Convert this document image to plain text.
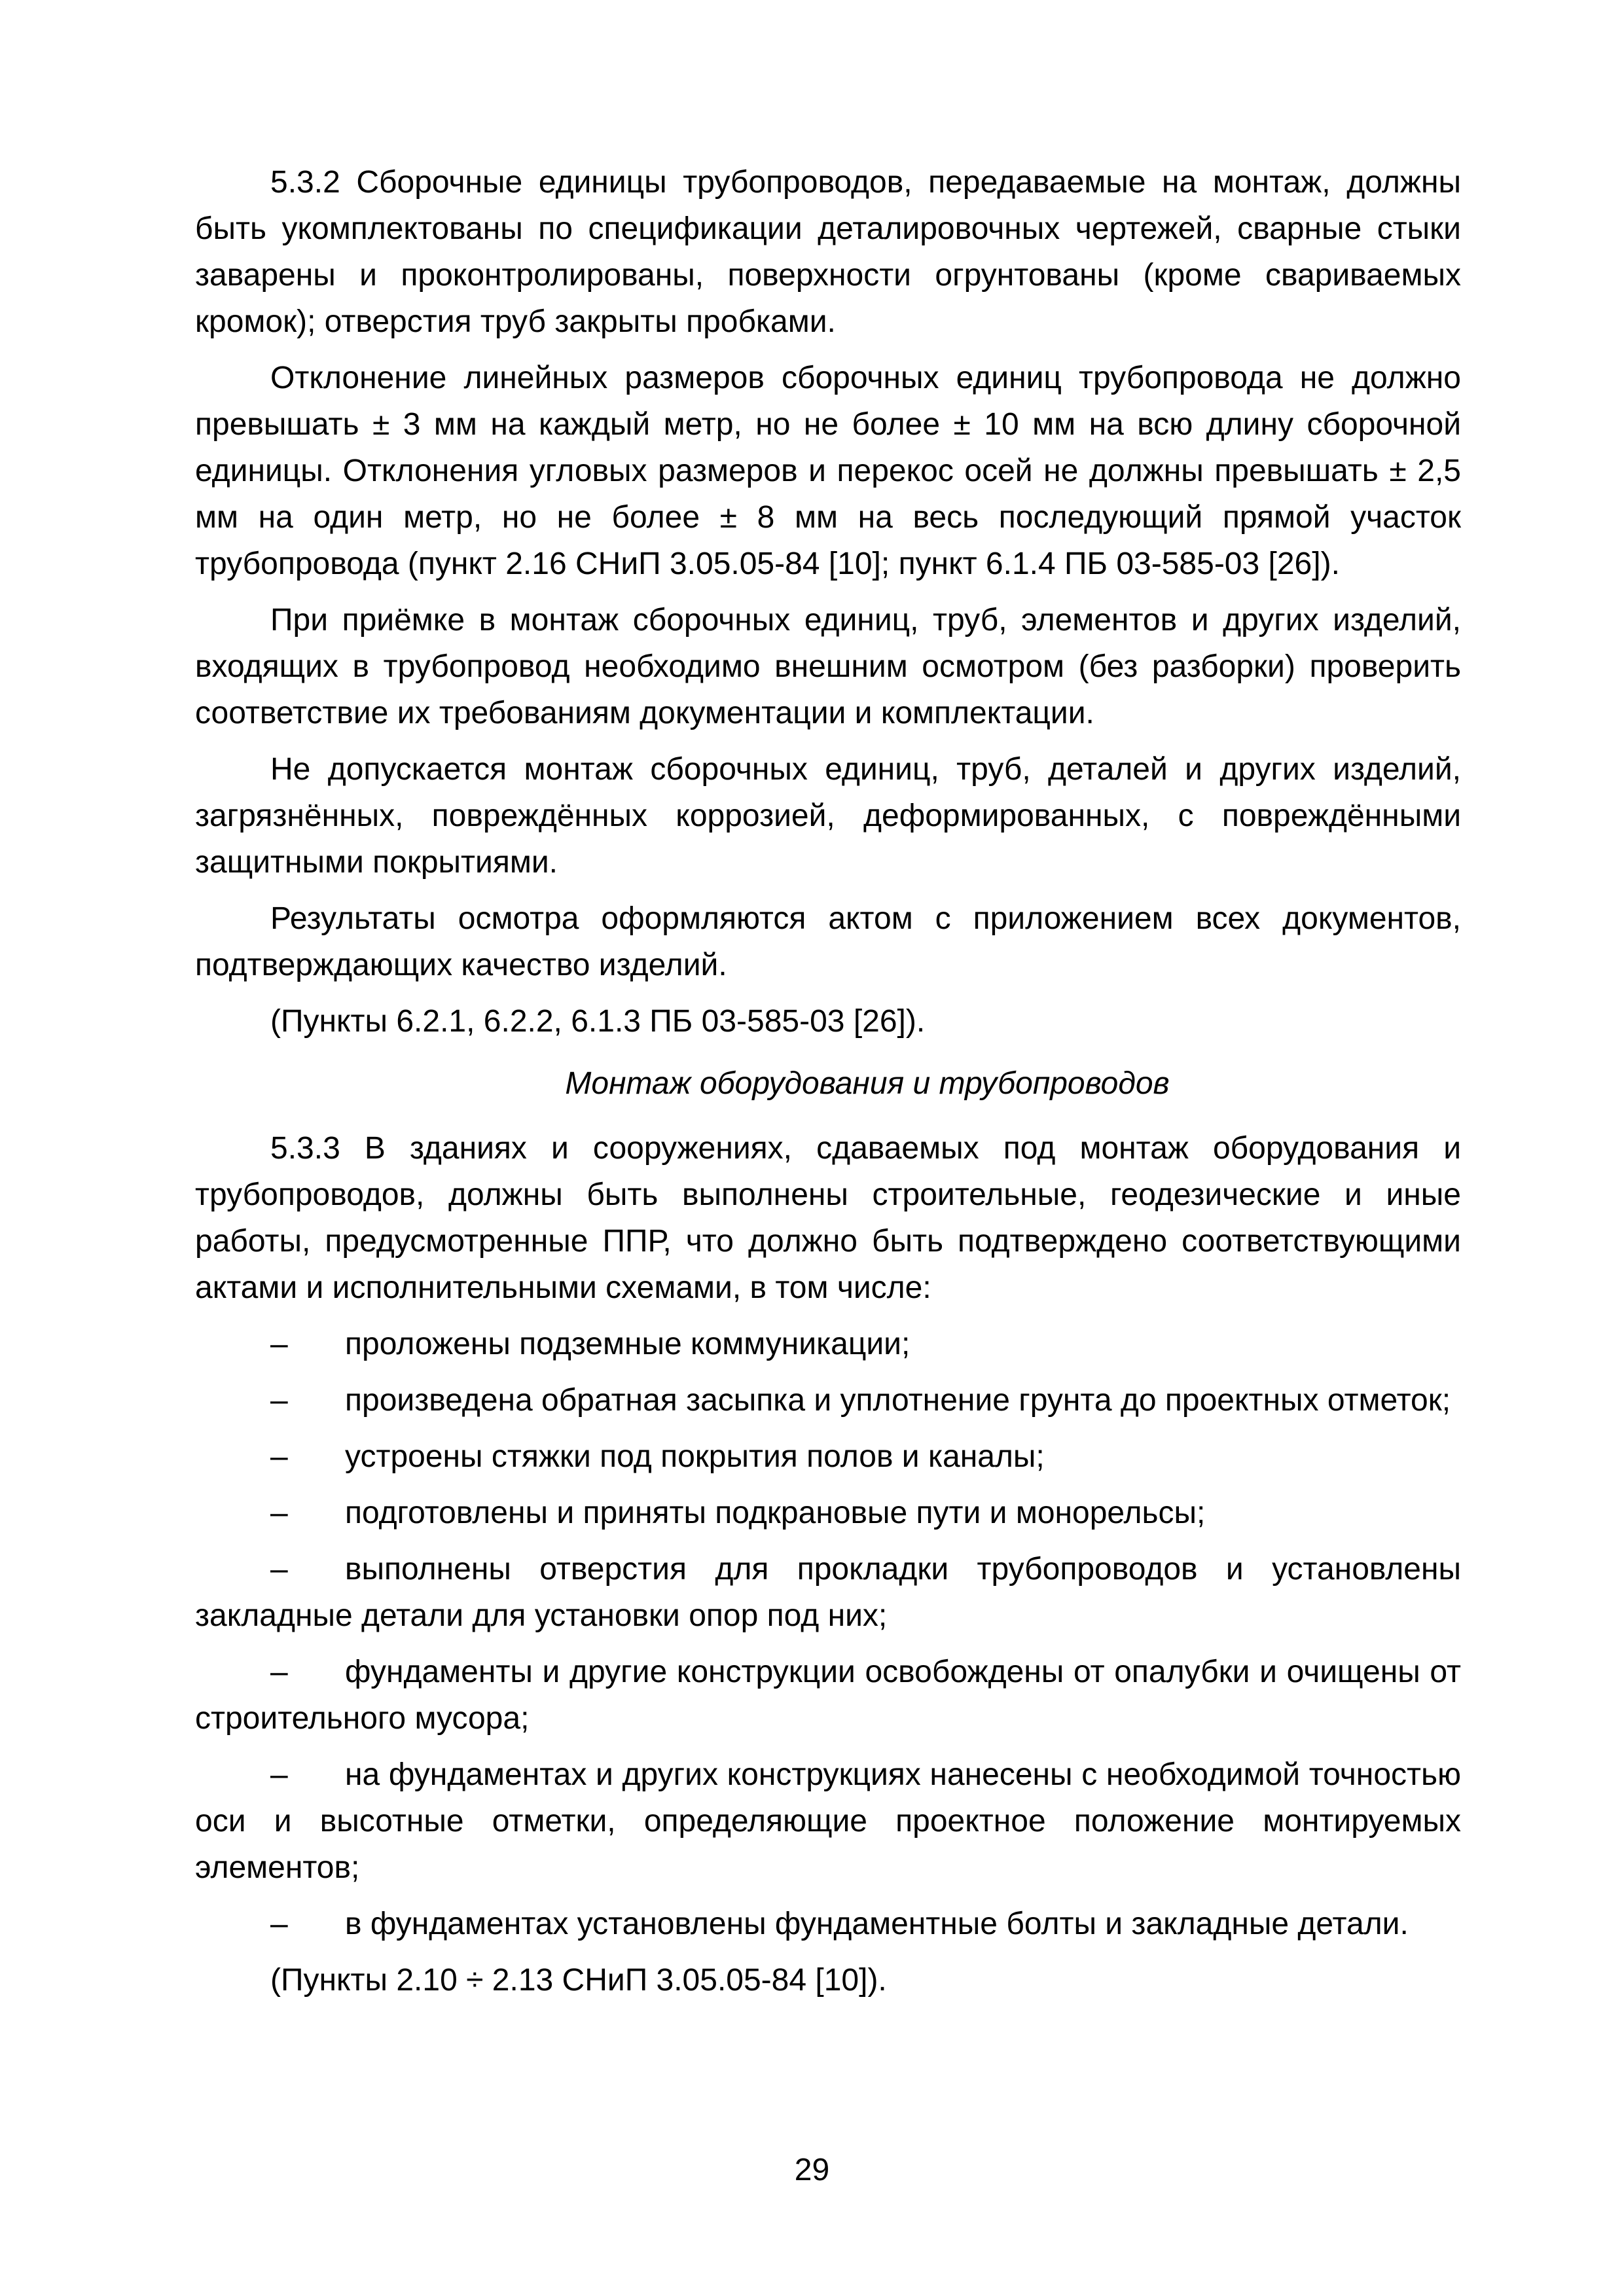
5.3.2 Сборочные единицы трубопроводов, передаваемые на монтаж, должны быть укомплектованы по спецификации деталировочных чертежей, сварные стыки заварены и проконтролированы, поверхности огрунтованы (кроме свариваемых кромок); отверстия труб закрыты пробками.

Отклонение линейных размеров сборочных единиц трубопровода не должно превышать ± 3 мм на каждый метр, но не более ± 10 мм на всю длину сборочной единицы. Отклонения угловых размеров и перекос осей не должны превышать ± 2,5 мм на один метр, но не более ± 8 мм на весь последующий прямой участок трубопровода (пункт 2.16 СНиП 3.05.05-84 [10]; пункт 6.1.4 ПБ 03-585-03 [26]).

При приёмке в монтаж сборочных единиц, труб, элементов и других изделий, входящих в трубопровод необходимо внешним осмотром (без разборки) проверить соответствие их требованиям документации и комплектации.

Не допускается монтаж сборочных единиц, труб, деталей и других изделий, загрязнённых, повреждённых коррозией, деформированных, с повреждёнными защитными покрытиями.

Результаты осмотра оформляются актом с приложением всех документов, подтверждающих качество изделий.

(Пункты 6.2.1, 6.2.2, 6.1.3 ПБ 03-585-03 [26]).

Монтаж оборудования и трубопроводов

5.3.3 В зданиях и сооружениях, сдаваемых под монтаж оборудования и трубопроводов, должны быть выполнены строительные, геодезические и иные работы, предусмотренные ППР, что должно быть подтверждено соответствующими актами и исполнительными схемами, в том числе:

– проложены подземные коммуникации;

– произведена обратная засыпка и уплотнение грунта до проектных отметок;

– устроены стяжки под покрытия полов и каналы;

– подготовлены и приняты подкрановые пути и монорельсы;

– выполнены отверстия для прокладки трубопроводов и установлены закладные детали для установки опор под них;

– фундаменты и другие конструкции освобождены от опалубки и очищены от строительного мусора;

– на фундаментах и других конструкциях нанесены с необходимой точностью оси и высотные отметки, определяющие проектное положение монтируемых элементов;

– в фундаментах установлены фундаментные болты и закладные детали.

(Пункты 2.10 ÷ 2.13 СНиП 3.05.05-84 [10]).

29
